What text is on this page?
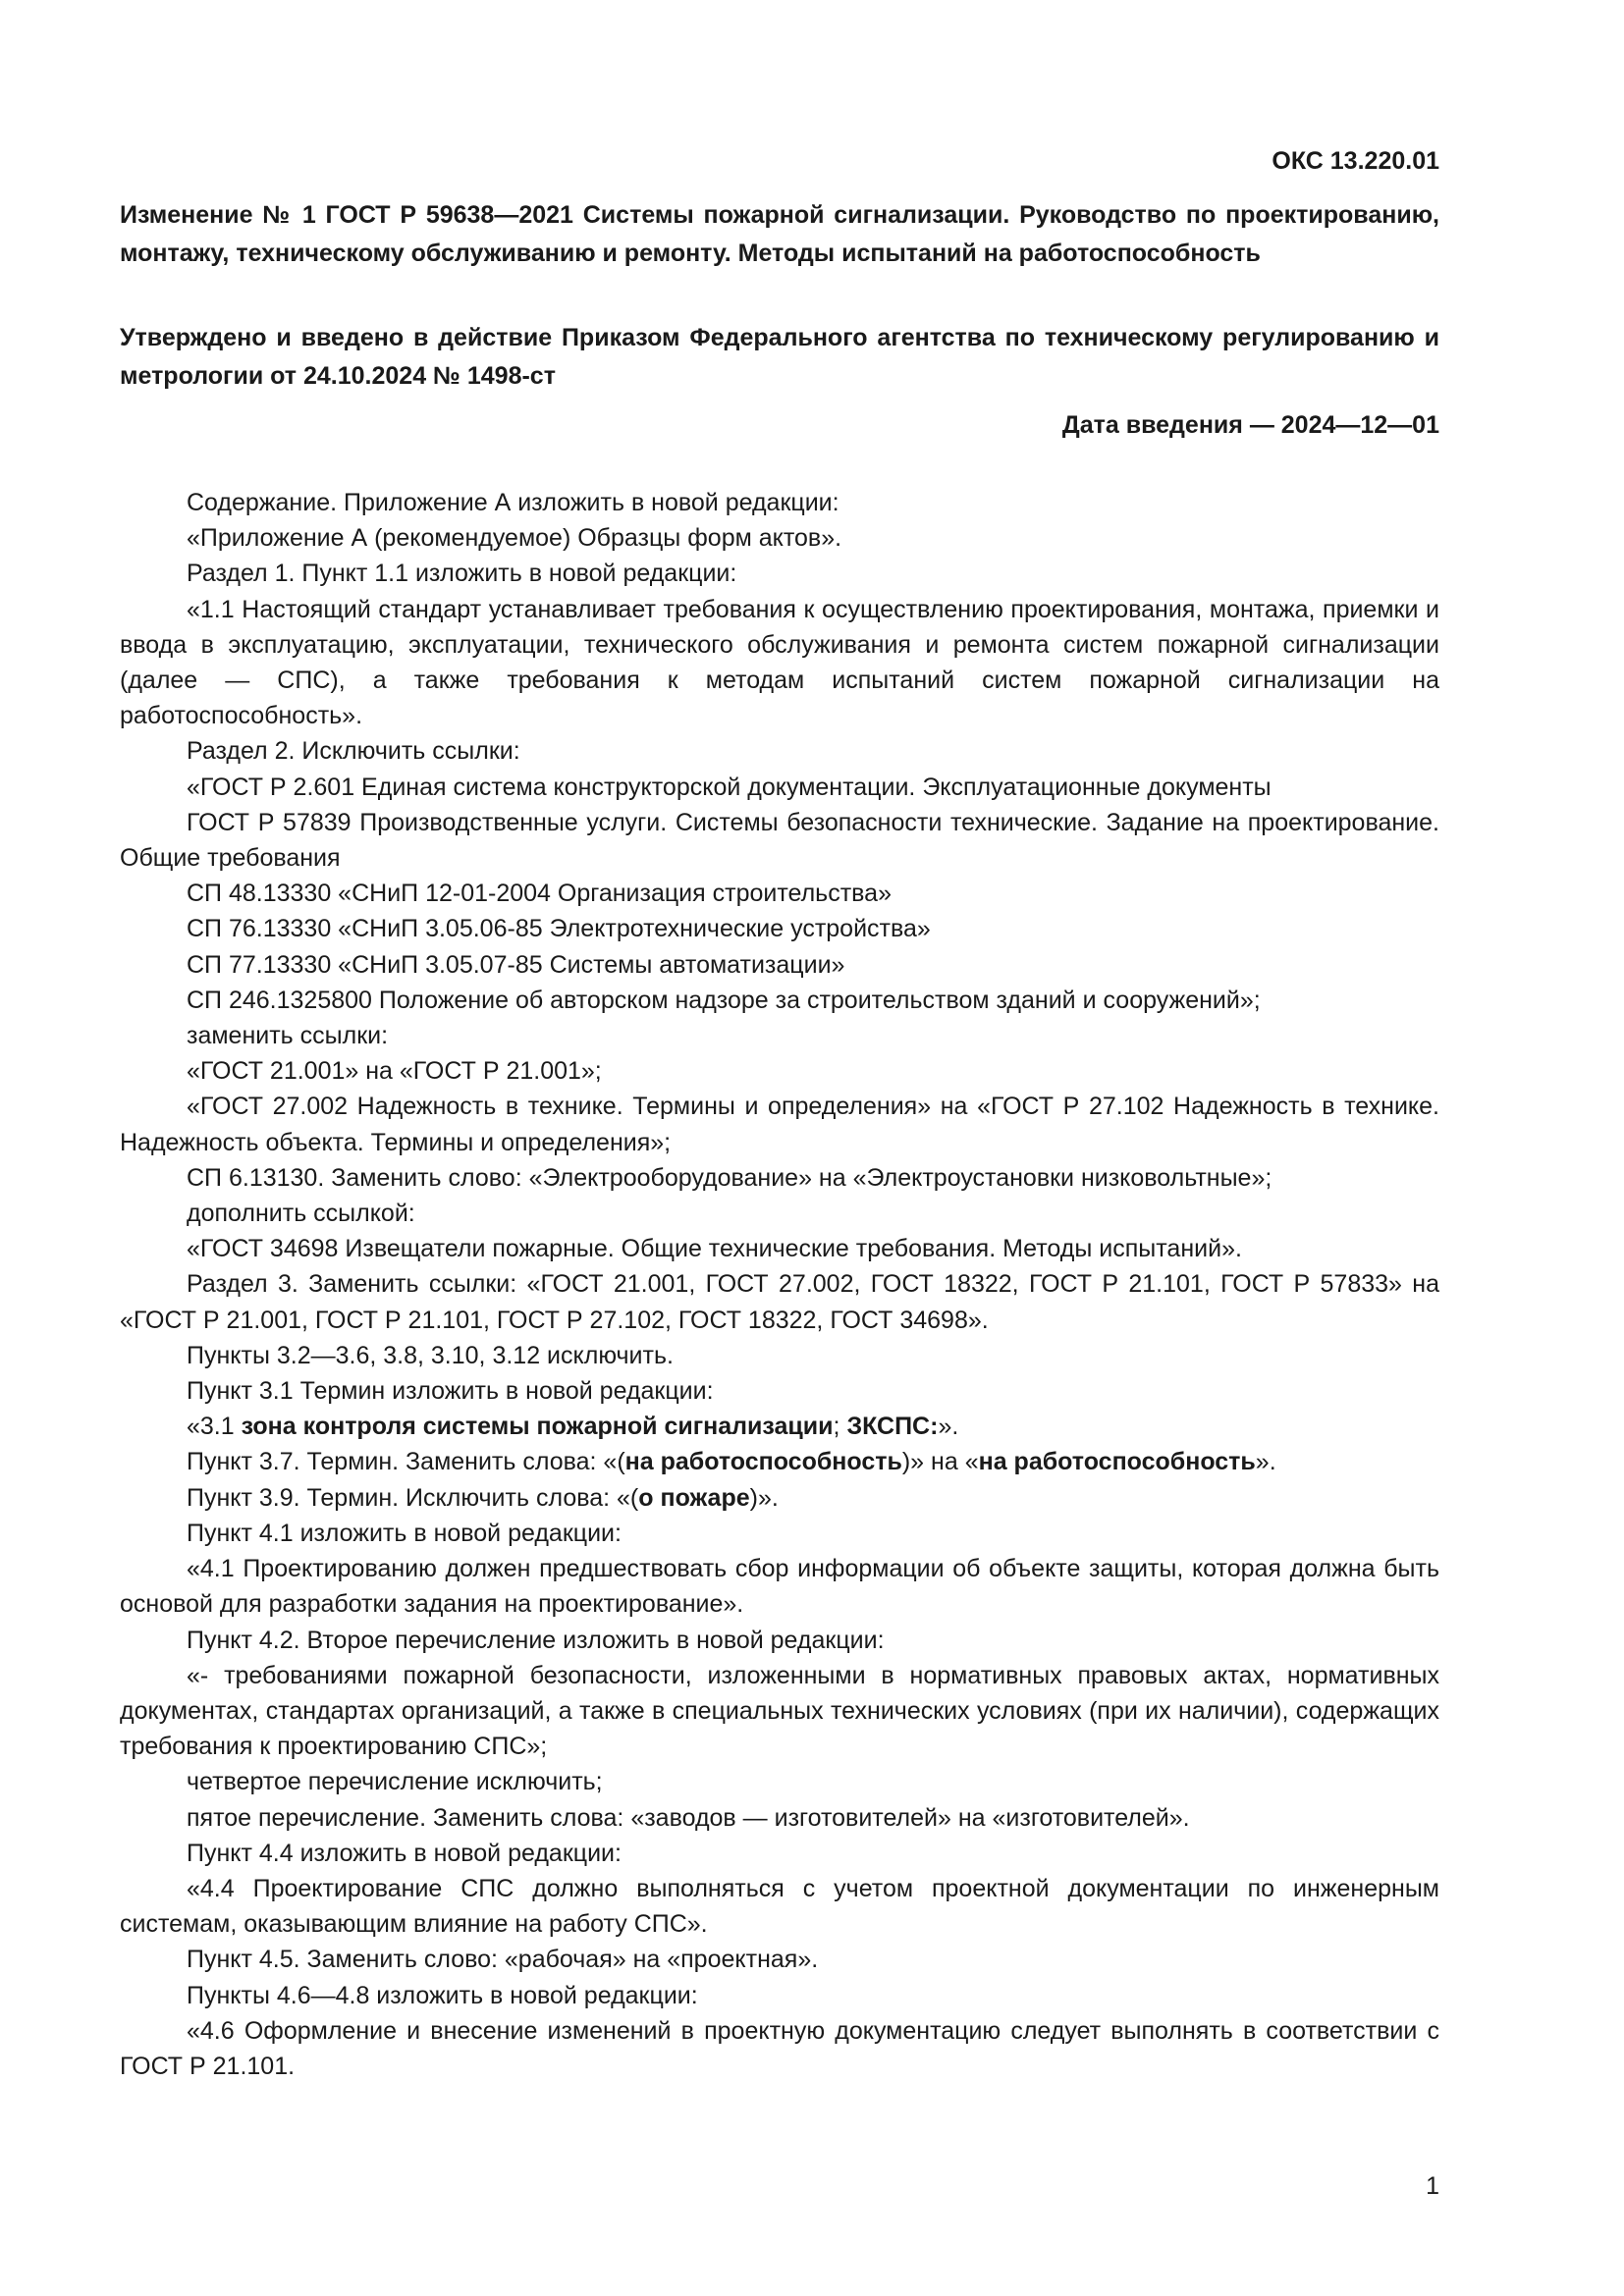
ОКС 13.220.01
Изменение № 1 ГОСТ Р 59638—2021 Системы пожарной сигнализации. Руководство по проектированию, монтажу, техническому обслуживанию и ремонту. Методы испытаний на работоспособность
Утверждено и введено в действие Приказом Федерального агентства по техническому регулированию и метрологии от 24.10.2024 № 1498-ст
Дата введения — 2024—12—01

Содержание. Приложение А изложить в новой редакции:

«Приложение А (рекомендуемое) Образцы форм актов».

Раздел 1. Пункт 1.1 изложить в новой редакции:

«1.1 Настоящий стандарт устанавливает требования к осуществлению проектирования, монтажа, приемки и ввода в эксплуатацию, эксплуатации, технического обслуживания и ремонта систем пожарной сигнализации (далее — СПС), а также требования к методам испытаний систем пожарной сигнализации на работоспособность».

Раздел 2. Исключить ссылки:

«ГОСТ Р 2.601 Единая система конструкторской документации. Эксплуатационные документы

ГОСТ Р 57839 Производственные услуги. Системы безопасности технические. Задание на проектирование. Общие требования

СП 48.13330 «СНиП 12-01-2004 Организация строительства»

СП 76.13330 «СНиП 3.05.06-85 Электротехнические устройства»

СП 77.13330 «СНиП 3.05.07-85 Системы автоматизации»

СП 246.1325800 Положение об авторском надзоре за строительством зданий и сооружений»;

заменить ссылки:

«ГОСТ 21.001» на «ГОСТ Р 21.001»;

«ГОСТ 27.002 Надежность в технике. Термины и определения» на «ГОСТ Р 27.102 Надежность в технике. Надежность объекта. Термины и определения»;

СП 6.13130. Заменить слово: «Электрооборудование» на «Электроустановки низковольтные»;

дополнить ссылкой:

«ГОСТ 34698 Извещатели пожарные. Общие технические требования. Методы испытаний».

Раздел 3. Заменить ссылки: «ГОСТ 21.001, ГОСТ 27.002, ГОСТ 18322, ГОСТ Р 21.101, ГОСТ Р 57833» на «ГОСТ Р 21.001, ГОСТ Р 21.101, ГОСТ Р 27.102, ГОСТ 18322, ГОСТ 34698».

Пункты 3.2—3.6, 3.8, 3.10, 3.12 исключить.

Пункт 3.1 Термин изложить в новой редакции:

«3.1 зона контроля системы пожарной сигнализации; ЗКСПС:».

Пункт 3.7. Термин. Заменить слова: «(на работоспособность)» на «на работоспособность».

Пункт 3.9. Термин. Исключить слова: «(о пожаре)».

Пункт 4.1 изложить в новой редакции:

«4.1 Проектированию должен предшествовать сбор информации об объекте защиты, которая должна быть основой для разработки задания на проектирование».

Пункт 4.2. Второе перечисление изложить в новой редакции:

«- требованиями пожарной безопасности, изложенными в нормативных правовых актах, нормативных документах, стандартах организаций, а также в специальных технических условиях (при их наличии), содержащих требования к проектированию СПС»;

четвертое перечисление исключить;

пятое перечисление. Заменить слова: «заводов — изготовителей» на «изготовителей».

Пункт 4.4 изложить в новой редакции:

«4.4 Проектирование СПС должно выполняться с учетом проектной документации по инженерным системам, оказывающим влияние на работу СПС».

Пункт 4.5. Заменить слово: «рабочая» на «проектная».

Пункты 4.6—4.8 изложить в новой редакции:

«4.6 Оформление и внесение изменений в проектную документацию следует выполнять в соответствии с ГОСТ Р 21.101.

1
